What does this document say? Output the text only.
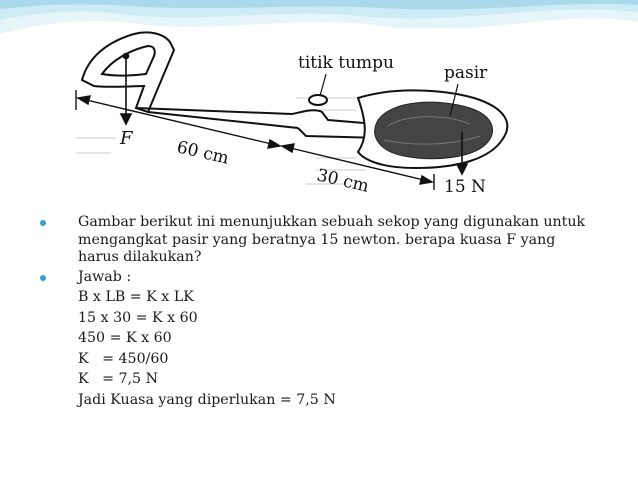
titik tumpu	pasir
F 60 cm
30 cm	15 N
Gambar berikut ini menunjukkan sebuah sekop yang digunakan untuk mengangkat pasir yang beratnya 15 newton. berapa kuasa F yang harus dilakukan?
Jawab :
B x LB = K x LK
15 x 30 = K x 60
450 = K x 60
K   = 450/60
K   = 7,5 N
Jadi Kuasa yang diperlukan = 7,5 N
